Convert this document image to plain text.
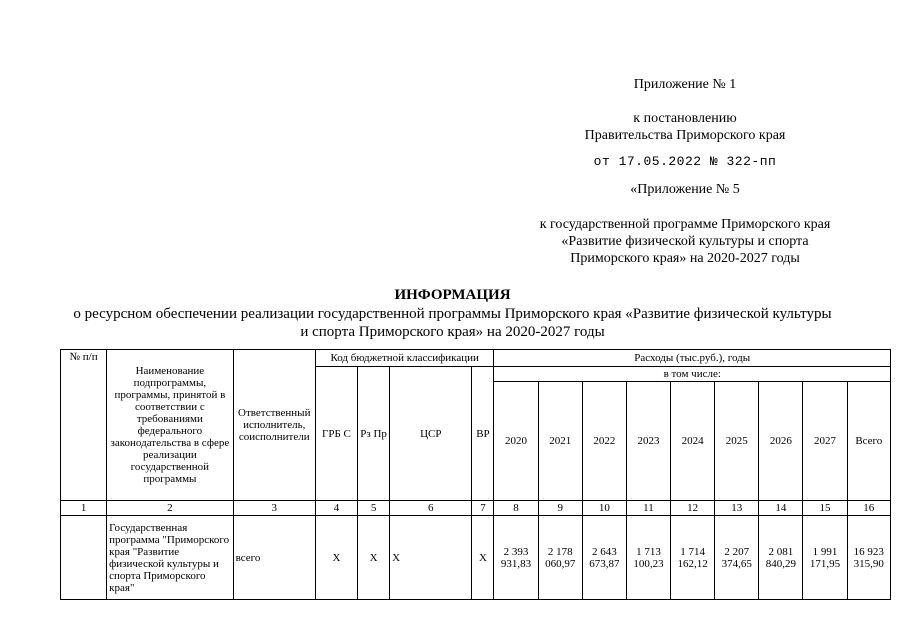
Приложение № 1
к постановлению
Правительства Приморского края
от 17.05.2022 № 322-пп
«Приложение № 5
к государственной программе Приморского края
«Развитие физической культуры и спорта
Приморского края» на 2020-2027 годы
ИНФОРМАЦИЯ
о ресурсном обеспечении реализации государственной программы Приморского края «Развитие физической культуры
и спорта Приморского края» на 2020-2027 годы
№ п/п	Наименование подпрограммы, программы, принятой в соответствии с требованиями федерального законодательства в сфере реализации государственной программы	Ответственный исполнитель, соисполнители	Код бюджетной классификации				Расходы (тыс.руб.), годы								
			ГРБ С	Рз Пр	ЦСР	ВР	в том числе:								
							2020	2021	2022	2023	2024	2025	2026	2027	Всего
1	2	3	4	5	6	7	8	9	10	11	12	13	14	15	16
	Государственная программа "Приморского края "Развитие физической культуры и спорта Приморского края"	всего	Х	Х	Х	Х	2 393 931,83	2 178 060,97	2 643 673,87	1 713 100,23	1 714 162,12	2 207 374,65	2 081 840,29	1 991 171,95	16 923 315,90
